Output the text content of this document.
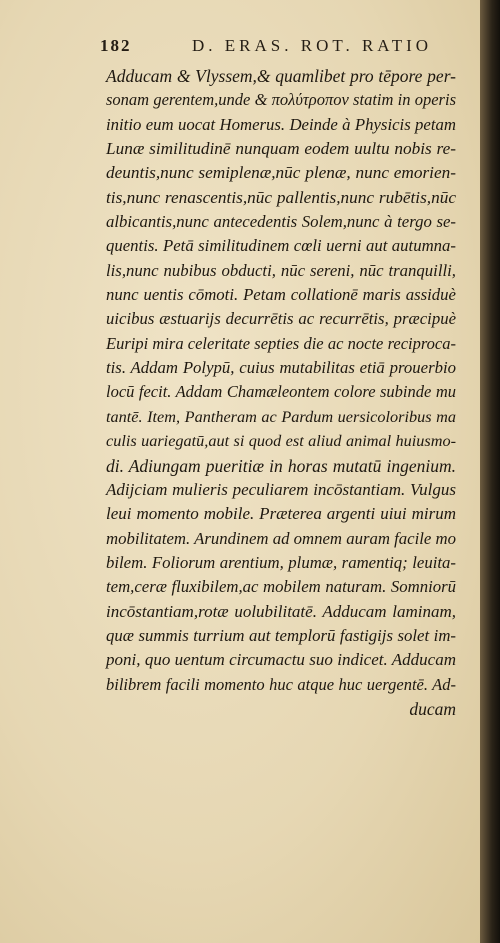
182	D. ERAS. ROT. RATIO
Adducam & Vlyssem,& quamlibet pro tēpore per-
sonam gerentem,unde & πολύτροπον statim in operis
initio eum uocat Homerus. Deinde à Physicis petam
Lunæ similitudinē nunquam eodem uultu nobis re-
deuntis,nunc semiplenæ,nūc plenæ, nunc emorien-
tis,nunc renascentis,nūc pallentis,nunc rubētis,nūc
albicantis,nunc antecedentis Solem,nunc à tergo se-
quentis. Petā similitudinem cœli uerni aut autumna-
lis,nunc nubibus obducti, nūc sereni, nūc tranquilli,
nunc uentis cōmoti. Petam collationē maris assiduè
uicibus æstuarijs decurrētis ac recurrētis, præcipuè
Euripi mira celeritate septies die ac nocte reciproca-
tis. Addam Polypū, cuius mutabilitas etiā prouerbio
locū fecit. Addam Chamæleontem colore subinde mu
tantē. Item, Pantheram ac Pardum uersicoloribus ma
culis uariegatū,aut si quod est aliud animal huiusmo-
di. Adiungam pueritiæ in horas mutatū ingenium.
Adijciam mulieris peculiarem incōstantiam. Vulgus
leui momento mobile. Præterea argenti uiui mirum
mobilitatem. Arundinem ad omnem auram facile mo
bilem. Foliorum arentium, plumæ, ramentiq; leuita-
tem,ceræ fluxibilem,ac mobilem naturam. Somniorū
incōstantiam,rotæ uolubilitatē. Adducam laminam,
quæ summis turrium aut templorū fastigijs solet im-
poni, quo uentum circumactu suo indicet. Adducam
bilibrem facili momento huc atque huc uergentē. Ad-
ducam
